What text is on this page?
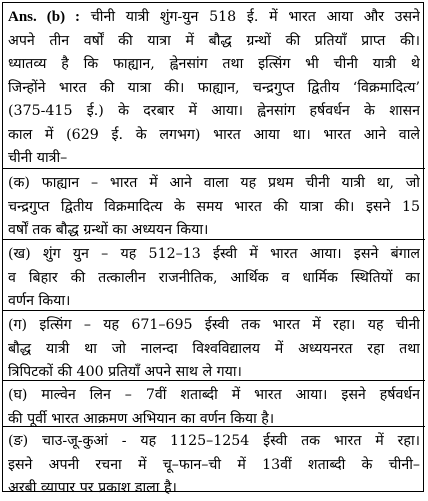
Ans. (b) : चीनी यात्री शुंग-युन 518 ई. में भारत आया और उसने
अपने तीन वर्षों की यात्रा में बौद्ध ग्रन्थों की प्रतियाँ प्राप्त की।
ध्यातव्य है कि फाह्यान, ह्वेनसांग तथा इत्सिंग भी चीनी यात्री थे
जिन्होंने भारत की यात्रा की। फाह्यान, चन्द्रगुप्त द्वितीय ‘विक्रमादित्य’
(375-415 ई.) के दरबार में आया। ह्वेनसांग हर्षवर्धन के शासन
काल में (629 ई. के लगभग) भारत आया था। भारत आने वाले
चीनी यात्री–
(क) फाह्यान – भारत में आने वाला यह प्रथम चीनी यात्री था, जो
चन्द्रगुप्त द्वितीय विक्रमादित्य के समय भारत की यात्रा की। इसने 15
वर्षों तक बौद्ध ग्रन्थों का अध्ययन किया।
(ख) शुंग युन – यह 512–13 ईस्वी में भारत आया। इसने बंगाल
व बिहार की तत्कालीन राजनीतिक, आर्थिक व धार्मिक स्थितियों का
वर्णन किया।
(ग) इत्सिंग – यह 671–695 ईस्वी तक भारत में रहा। यह चीनी
बौद्ध यात्री था जो नालन्दा विश्वविद्यालय में अध्ययनरत रहा तथा
त्रिपिटकों की 400 प्रतियाँ अपने साथ ले गया।
(घ) माल्वेन लिन – 7वीं शताब्दी में भारत आया। इसने हर्षवर्धन
की पूर्वी भारत आक्रमण अभियान का वर्णन किया है।
(ङ) चाउ-जू-कुआं - यह 1125–1254 ईस्वी तक भारत में रहा।
इसने अपनी रचना में चू–फान–ची में 13वीं शताब्दी के चीनी–
अरबी व्यापार पर प्रकाश डाला है।
